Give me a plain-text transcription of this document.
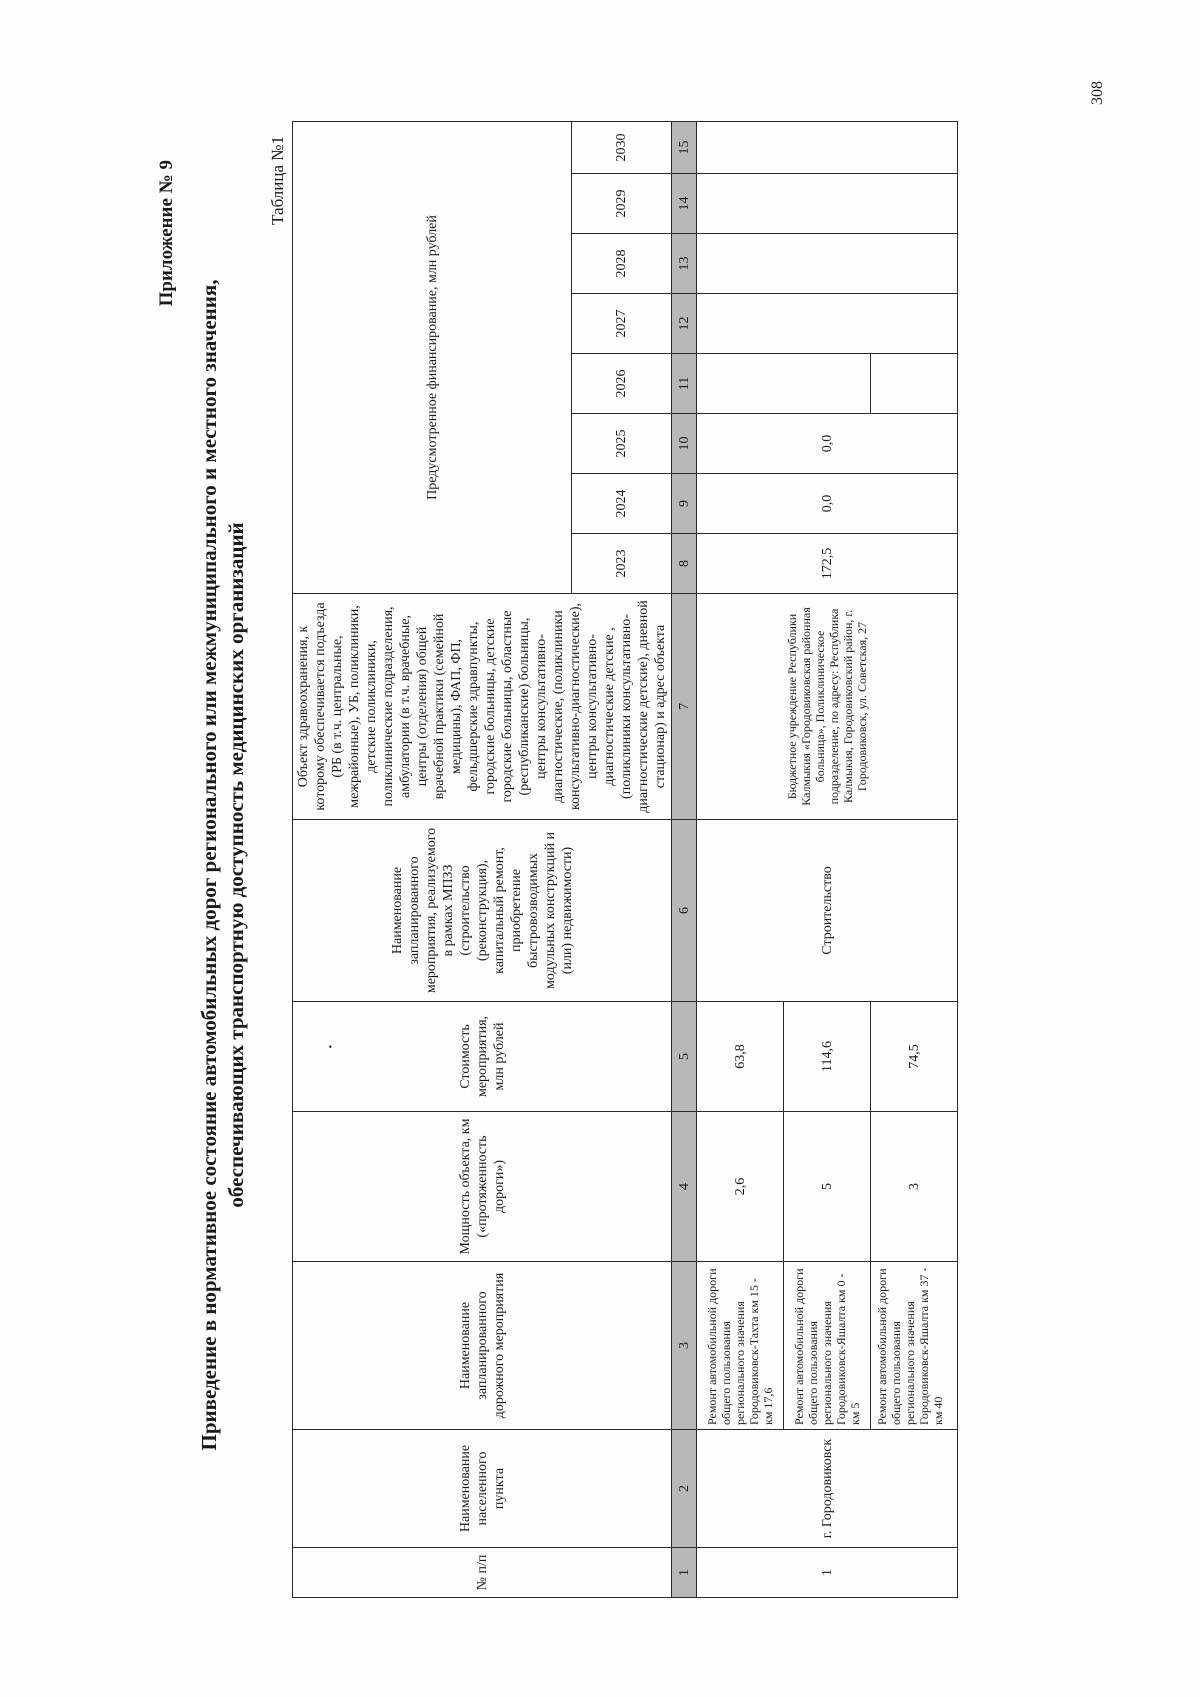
308
Приложение № 9
Приведение в нормативное состояние автомобильных дорог регионального или межмуниципального и местного значения, обеспечивающих транспортную доступность медицинских организаций
Таблица №1
№ п/п	Наименование населенного пункта	Наименование запланированного дорожного мероприятия	Мощность объекта, км («протяженность дороги»)	Стоимость мероприятия, млн рублей	Наименование запланированного мероприятия, реализуемого в рамках МПЗЗ (строительство (реконструкция), капитальный ремонт, приобретение быстровозводимых модульных конструкций и (или) недвижимости)	Объект здравоохранения, к которому обеспечивается подъезда (РБ (в т.ч. центральные, межрайонные), УБ, поликлиники, детские поликлиники, поликлинические подразделения, амбулатории (в т.ч. врачебные, центры (отделения) общей врачебной практики (семейной медицины), ФАП, ФП, фельдшерские здравпункты, городские больницы, детские городские больницы, областные (республиканские) больницы, центры консультативно-диагностические, (поликлиники консультативно-диагностические), центры консультативно-диагностические детские , (поликлиники консультативно-диагностические детские), дневной стационар) и адрес объекта	Предусмотренное финансирование, млн рублей							
							2023	2024	2025	2026	2027	2028	2029	2030
1	2	3	4	5	6	7	8	9	10	11	12	13	14	15
1	г. Городовиковск	Ремонт автомобильной дороги общего пользования регионального значения Городовиковск-Тахта км 15 - км 17,6	2,6	63,8	Строительство	Бюджетное учреждение Республики Калмыкия «Городовиковская районная больница», Поликлиническое подразделение, по адресу: Республика Калмыкия, Городовиковский район, г. Городовиковск, ул. Советская, 27	172,5	0,0	0,0					
		Ремонт автомобильной дороги общего пользования регионального значения Городовиковск-Яшалта км 0 - км 5	5	114,6										

		Ремонт автомобильной дороги общего пользования регионального значения Городовиковск-Яшалта км 37 - км 40	3	74,5										
·
